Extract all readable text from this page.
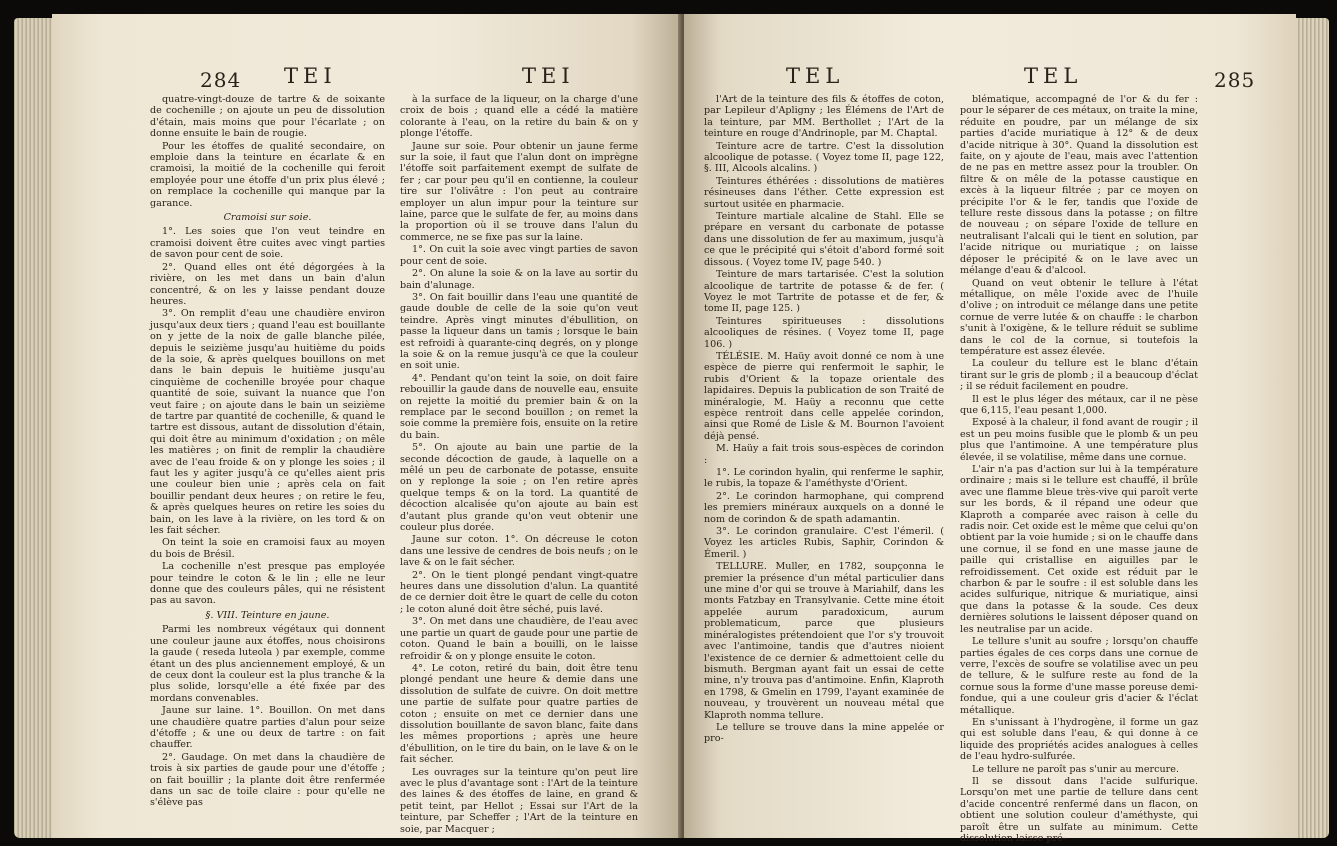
284 TEI	TEI

quatre-vingt-douze de tartre & de soixante de cochenille ; on ajoute un peu de dissolution d'étain, mais moins que pour l'écarlate ; on donne ensuite le bain de rougie.

Pour les étoffes de qualité secondaire, on emploie dans la teinture en écarlate & en cramoisi, la moitié de la cochenille qui feroit employée pour une étoffe d'un prix plus élevé ; on remplace la cochenille qui manque par la garance.

Cramoisi sur soie.

1°. Les soies que l'on veut teindre en cramoisi doivent être cuites avec vingt parties de savon pour cent de soie.

2°. Quand elles ont été dégorgées à la rivière, on les met dans un bain d'alun concentré, & on les y laisse pendant douze heures.

3°. On remplit d'eau une chaudière environ jusqu'aux deux tiers ; quand l'eau est bouillante on y jette de la noix de galle blanche pilée, depuis le seizième jusqu'au huitième du poids de la soie, & après quelques bouillons on met dans le bain depuis le huitième jusqu'au cinquième de cochenille broyée pour chaque quantité de soie, suivant la nuance que l'on veut faire ; on ajoute dans le bain un seizième de tartre par quantité de cochenille, & quand le tartre est dissous, autant de dissolution d'étain, qui doit être au minimum d'oxidation ; on mêle les matières ; on finit de remplir la chaudière avec de l'eau froide & on y plonge les soies ; il faut les y agiter jusqu'à ce qu'elles aient pris une couleur bien unie ; après cela on fait bouillir pendant deux heures ; on retire le feu, & après quelques heures on retire les soies du bain, on les lave à la rivière, on les tord & on les fait sécher.

On teint la soie en cramoisi faux au moyen du bois de Brésil.

La cochenille n'est presque pas employée pour teindre le coton & le lin ; elle ne leur donne que des couleurs pâles, qui ne résistent pas au savon.

§. VIII. Teinture en jaune.

Parmi les nombreux végétaux qui donnent une couleur jaune aux étoffes, nous choisirons la gaude ( reseda luteola ) par exemple, comme étant un des plus anciennement employé, & un de ceux dont la couleur est la plus tranche & la plus solide, lorsqu'elle a été fixée par des mordans convenables.

Jaune sur laine. 1°. Bouillon. On met dans une chaudière quatre parties d'alun pour seize d'étoffe ; & une ou deux de tartre : on fait chauffer.

2°. Gaudage. On met dans la chaudière de trois à six parties de gaude pour une d'étoffe ; on fait bouillir ; la plante doit être renfermée dans un sac de toile claire : pour qu'elle ne s'élève pas

à la surface de la liqueur, on la charge d'une croix de bois ; quand elle a cédé la matière colorante à l'eau, on la retire du bain & on y plonge l'étoffe.

Jaune sur soie. Pour obtenir un jaune ferme sur la soie, il faut que l'alun dont on imprègne l'étoffe soit parfaitement exempt de sulfate de fer ; car pour peu qu'il en contienne, la couleur tire sur l'olivâtre : l'on peut au contraire employer un alun impur pour la teinture sur laine, parce que le sulfate de fer, au moins dans la proportion où il se trouve dans l'alun du commerce, ne se fixe pas sur la laine.

1°. On cuit la soie avec vingt parties de savon pour cent de soie.

2°. On alune la soie & on la lave au sortir du bain d'alunage.

3°. On fait bouillir dans l'eau une quantité de gaude double de celle de la soie qu'on veut teindre. Après vingt minutes d'ébullition, on passe la liqueur dans un tamis ; lorsque le bain est refroidi à quarante-cinq degrés, on y plonge la soie & on la remue jusqu'à ce que la couleur en soit unie.

4°. Pendant qu'on teint la soie, on doit faire rebouillir la gaude dans de nouvelle eau, ensuite on rejette la moitié du premier bain & on la remplace par le second bouillon ; on remet la soie comme la première fois, ensuite on la retire du bain.

5°. On ajoute au bain une partie de la seconde décoction de gaude, à laquelle on a mêlé un peu de carbonate de potasse, ensuite on y replonge la soie ; on l'en retire après quelque temps & on la tord. La quantité de décoction alcalisée qu'on ajoute au bain est d'autant plus grande qu'on veut obtenir une couleur plus dorée.

Jaune sur coton. 1°. On décreuse le coton dans une lessive de cendres de bois neufs ; on le lave & on le fait sécher.

2°. On le tient plongé pendant vingt-quatre heures dans une dissolution d'alun. La quantité de ce dernier doit être le quart de celle du coton ; le coton aluné doit être séché, puis lavé.

3°. On met dans une chaudière, de l'eau avec une partie un quart de gaude pour une partie de coton. Quand le bain a bouilli, on le laisse refroidir & on y plonge ensuite le coton.

4°. Le coton, retiré du bain, doit être tenu plongé pendant une heure & demie dans une dissolution de sulfate de cuivre. On doit mettre une partie de sulfate pour quatre parties de coton ; ensuite on met ce dernier dans une dissolution bouillante de savon blanc, faite dans les mêmes proportions ; après une heure d'ébullition, on le tire du bain, on le lave & on le fait sécher.

Les ouvrages sur la teinture qu'on peut lire avec le plus d'avantage sont : l'Art de la teinture des laines & des étoffes de laine, en grand & petit teint, par Hellot ; Essai sur l'Art de la teinture, par Scheffer ; l'Art de la teinture en soie, par Macquer ;

TEL	TEL	285

l'Art de la teinture des fils & étoffes de coton, par Lepileur d'Apligny ; les Élémens de l'Art de la teinture, par MM. Berthollet ; l'Art de la teinture en rouge d'Andrinople, par M. Chaptal.

Teinture acre de tartre. C'est la dissolution alcoolique de potasse. ( Voyez tome II, page 122, §. III, Alcools alcalins. )

Teintures éthérées : dissolutions de matières résineuses dans l'éther. Cette expression est surtout usitée en pharmacie.

Teinture martiale alcaline de Stahl. Elle se prépare en versant du carbonate de potasse dans une dissolution de fer au maximum, jusqu'à ce que le précipité qui s'étoit d'abord formé soit dissous. ( Voyez tome IV, page 540. )

Teinture de mars tartarisée. C'est la solution alcoolique de tartrite de potasse & de fer. ( Voyez le mot Tartrite de potasse et de fer, & tome II, page 125. )

Teintures spiritueuses : dissolutions alcooliques de résines. ( Voyez tome II, page 106. )

TÉLÉSIE. M. Haüy avoit donné ce nom à une espèce de pierre qui renfermoit le saphir, le rubis d'Orient & la topaze orientale des lapidaires. Depuis la publication de son Traité de minéralogie, M. Haüy a reconnu que cette espèce rentroit dans celle appelée corindon, ainsi que Romé de Lisle & M. Bournon l'avoient déjà pensé.

M. Haüy a fait trois sous-espèces de corindon :

1°. Le corindon hyalin, qui renferme le saphir, le rubis, la topaze & l'améthyste d'Orient.

2°. Le corindon harmophane, qui comprend les premiers minéraux auxquels on a donné le nom de corindon & de spath adamantin.

3°. Le corindon granulaire. C'est l'émeril. ( Voyez les articles Rubis, Saphir, Corindon & Émeril. )

TELLURE. Muller, en 1782, soupçonna le premier la présence d'un métal particulier dans une mine d'or qui se trouve à Mariahilf, dans les monts Fatzbay en Transylvanie. Cette mine étoit appelée aurum paradoxicum, aurum problematicum, parce que plusieurs minéralogistes prétendoient que l'or s'y trouvoit avec l'antimoine, tandis que d'autres nioient l'existence de ce dernier & admettoient celle du bismuth. Bergman ayant fait un essai de cette mine, n'y trouva pas d'antimoine. Enfin, Klaproth en 1798, & Gmelin en 1799, l'ayant examinée de nouveau, y trouvèrent un nouveau métal que Klaproth nomma tellure.

Le tellure se trouve dans la mine appelée or pro-

blématique, accompagné de l'or & du fer : pour le séparer de ces métaux, on traite la mine, réduite en poudre, par un mélange de six parties d'acide muriatique à 12° & de deux d'acide nitrique à 30°. Quand la dissolution est faite, on y ajoute de l'eau, mais avec l'attention de ne pas en mettre assez pour la troubler. On filtre & on mêle de la potasse caustique en excès à la liqueur filtrée ; par ce moyen on précipite l'or & le fer, tandis que l'oxide de tellure reste dissous dans la potasse ; on filtre de nouveau ; on sépare l'oxide de tellure en neutralisant l'alcali qui le tient en solution, par l'acide nitrique ou muriatique ; on laisse déposer le précipité & on le lave avec un mélange d'eau & d'alcool.

Quand on veut obtenir le tellure à l'état métallique, on mêle l'oxide avec de l'huile d'olive ; on introduit ce mélange dans une petite cornue de verre lutée & on chauffe : le charbon s'unit à l'oxigène, & le tellure réduit se sublime dans le col de la cornue, si toutefois la température est assez élevée.

La couleur du tellure est le blanc d'étain tirant sur le gris de plomb ; il a beaucoup d'éclat ; il se réduit facilement en poudre.

Il est le plus léger des métaux, car il ne pèse que 6,115, l'eau pesant 1,000.

Exposé à la chaleur, il fond avant de rougir ; il est un peu moins fusible que le plomb & un peu plus que l'antimoine. A une température plus élevée, il se volatilise, même dans une cornue.

L'air n'a pas d'action sur lui à la température ordinaire ; mais si le tellure est chauffé, il brûle avec une flamme bleue très-vive qui paroît verte sur les bords, & il répand une odeur que Klaproth a comparée avec raison à celle du radis noir. Cet oxide est le même que celui qu'on obtient par la voie humide ; si on le chauffe dans une cornue, il se fond en une masse jaune de paille qui cristallise en aiguilles par le refroidissement. Cet oxide est réduit par le charbon & par le soufre : il est soluble dans les acides sulfurique, nitrique & muriatique, ainsi que dans la potasse & la soude. Ces deux dernières solutions le laissent déposer quand on les neutralise par un acide.

Le tellure s'unit au soufre ; lorsqu'on chauffe parties égales de ces corps dans une cornue de verre, l'excès de soufre se volatilise avec un peu de tellure, & le sulfure reste au fond de la cornue sous la forme d'une masse poreuse demi-fondue, qui a une couleur gris d'acier & l'éclat métallique.

En s'unissant à l'hydrogène, il forme un gaz qui est soluble dans l'eau, & qui donne à ce liquide des propriétés acides analogues à celles de l'eau hydro-sulfurée.

Le tellure ne paroît pas s'unir au mercure.

Il se dissout dans l'acide sulfurique. Lorsqu'on met une partie de tellure dans cent d'acide concentré renfermé dans un flacon, on obtient une solution couleur d'améthyste, qui paroît être un sulfate au minimum. Cette dissolution laisse pré-
